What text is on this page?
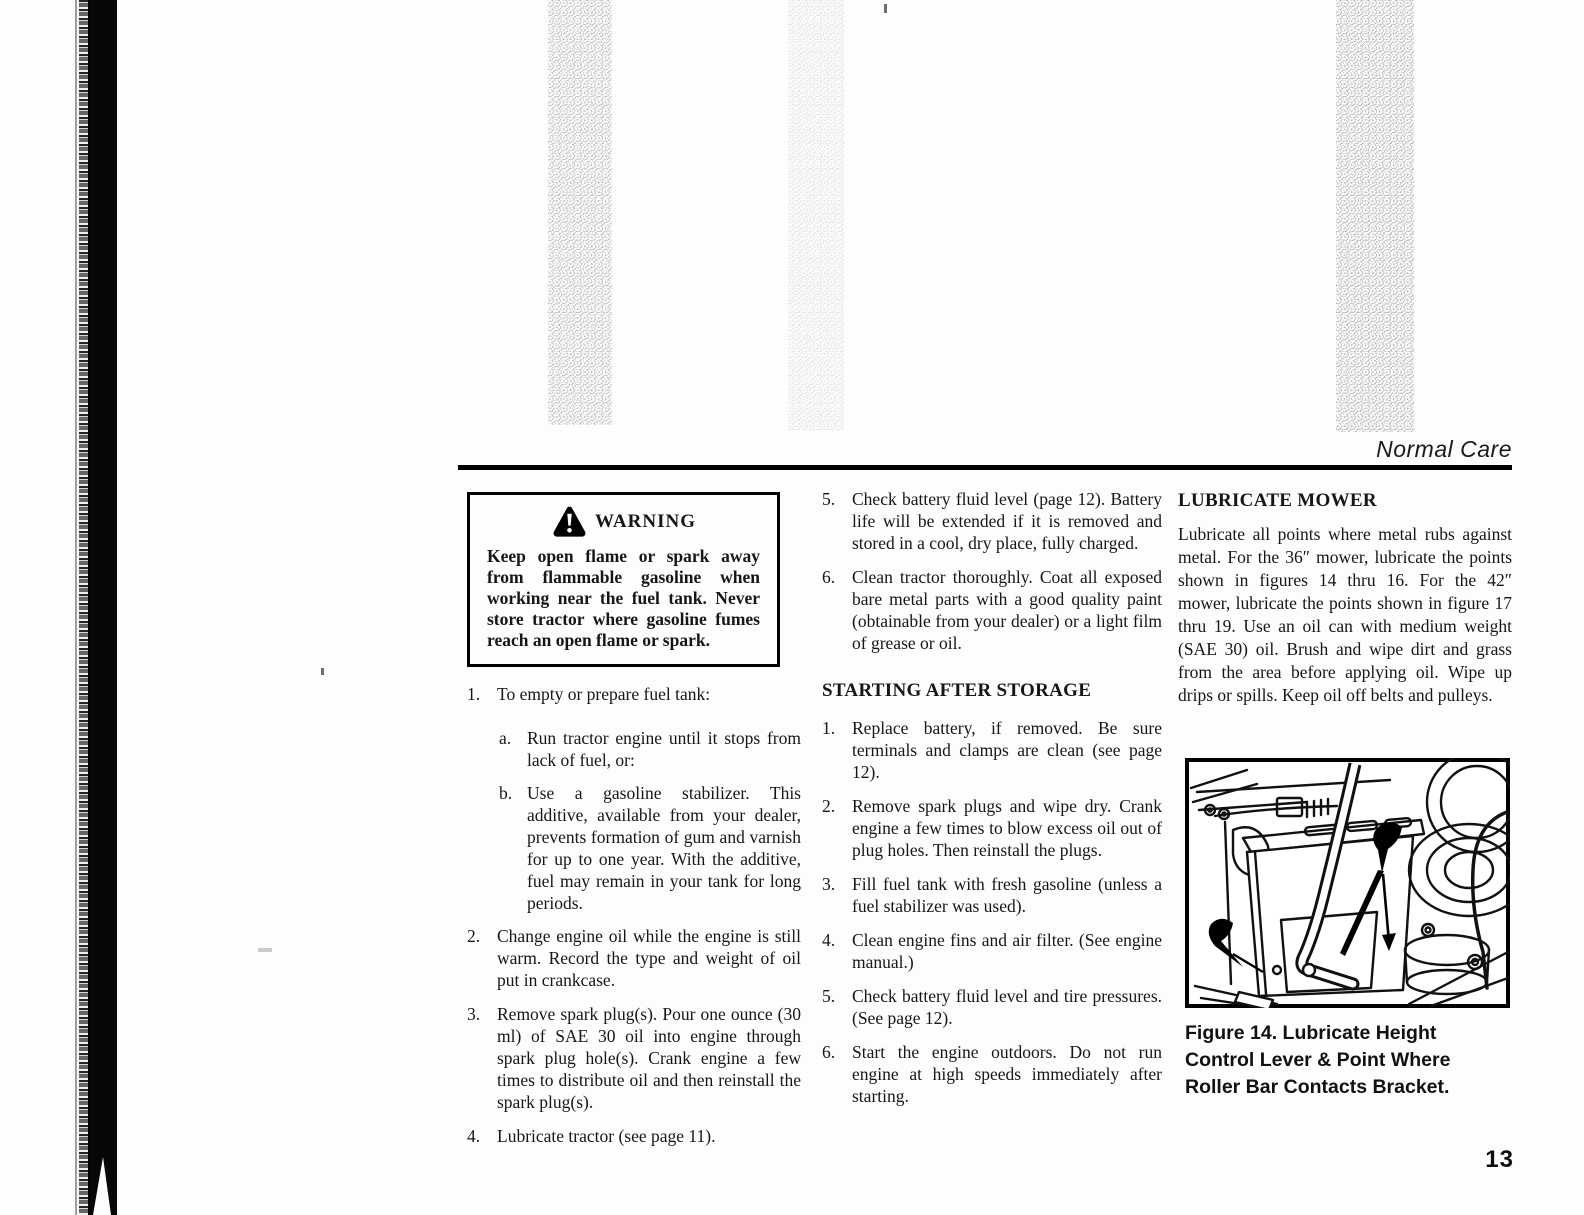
Normal Care
WARNING

Keep open flame or spark away from flammable gasoline when working near the fuel tank. Never store tractor where gasoline fumes reach an open flame or spark.

1. To empty or prepare fuel tank:
a. Run tractor engine until it stops from lack of fuel, or:
b. Use a gasoline stabilizer. This additive, available from your dealer, prevents formation of gum and varnish for up to one year. With the additive, fuel may remain in your tank for long periods.
2. Change engine oil while the engine is still warm. Record the type and weight of oil put in crankcase.
3. Remove spark plug(s). Pour one ounce (30 ml) of SAE 30 oil into engine through spark plug hole(s). Crank engine a few times to distribute oil and then reinstall the spark plug(s).
4. Lubricate tractor (see page 11).
5. Check battery fluid level (page 12). Battery life will be extended if it is removed and stored in a cool, dry place, fully charged.
6. Clean tractor thoroughly. Coat all exposed bare metal parts with a good quality paint (obtainable from your dealer) or a light film of grease or oil.
STARTING AFTER STORAGE
1. Replace battery, if removed. Be sure terminals and clamps are clean (see page 12).
2. Remove spark plugs and wipe dry. Crank engine a few times to blow excess oil out of plug holes. Then reinstall the plugs.
3. Fill fuel tank with fresh gasoline (unless a fuel stabilizer was used).
4. Clean engine fins and air filter. (See engine manual.)
5. Check battery fluid level and tire pressures. (See page 12).
6. Start the engine outdoors. Do not run engine at high speeds immediately after starting.
LUBRICATE MOWER

Lubricate all points where metal rubs against metal. For the 36″ mower, lubricate the points shown in figures 14 thru 16. For the 42″ mower, lubricate the points shown in figure 17 thru 19. Use an oil can with medium weight (SAE 30) oil. Brush and wipe dirt and grass from the area before applying oil. Wipe up drips or spills. Keep oil off belts and pulleys.

Figure 14. Lubricate Height Control Lever & Point Where Roller Bar Contacts Bracket.
13
